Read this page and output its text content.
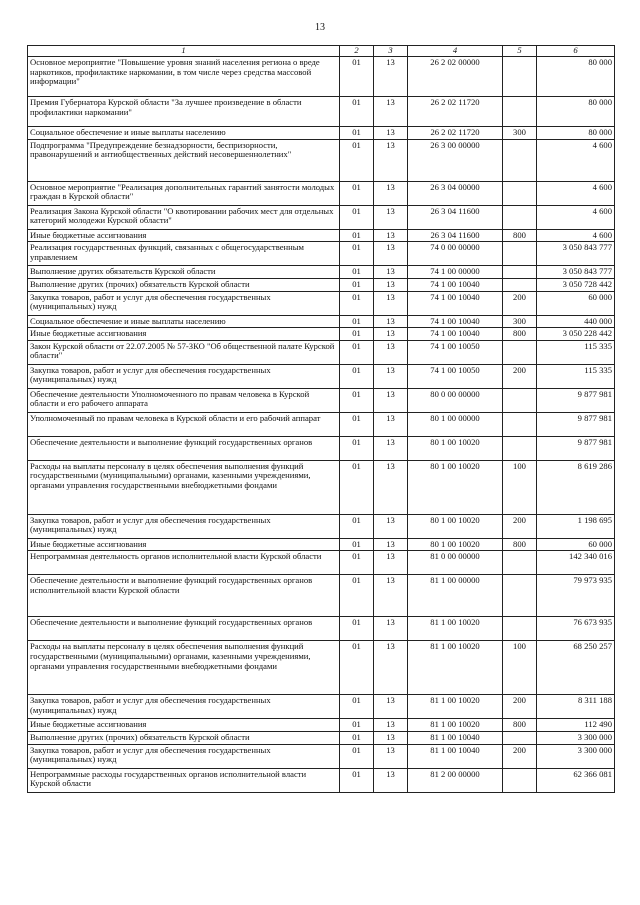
13
1	2	3	4	5	6
Основное мероприятие "Повышение уровня знаний населения региона о вреде наркотиков, профилактике наркомании, в том числе через средства массовой информации"	01	13	26 2 02 00000		80 000
Премия Губернатора Курской области "За лучшее произведение в области профилактики наркомании"	01	13	26 2 02 11720		80 000
Социальное обеспечение и иные выплаты населению	01	13	26 2 02 11720	300	80 000
Подпрограмма "Предупреждение безнадзорности, беспризорности, правонарушений и антиобщественных действий несовершеннолетних"	01	13	26 3 00 00000		4 600
Основное мероприятие "Реализация дополнительных гарантий занятости молодых граждан в Курской области"	01	13	26 3 04 00000		4 600
Реализация Закона Курской области "О квотировании рабочих мест для отдельных категорий молодежи Курской области"	01	13	26 3 04 11600		4 600
Иные бюджетные ассигнования	01	13	26 3 04 11600	800	4 600
Реализация государственных функций, связанных с общегосударственным управлением	01	13	74 0 00 00000		3 050 843 777
Выполнение других обязательств Курской области	01	13	74 1 00 00000		3 050 843 777
Выполнение других (прочих) обязательств Курской области	01	13	74 1 00 10040		3 050 728 442
Закупка товаров, работ и услуг для обеспечения государственных (муниципальных) нужд	01	13	74 1 00 10040	200	60 000
Социальное обеспечение и иные выплаты населению	01	13	74 1 00 10040	300	440 000
Иные бюджетные ассигнования	01	13	74 1 00 10040	800	3 050 228 442
Закон Курской области от 22.07.2005 № 57-ЗКО "Об общественной палате Курской области"	01	13	74 1 00 10050		115 335
Закупка товаров, работ и услуг для обеспечения государственных (муниципальных) нужд	01	13	74 1 00 10050	200	115 335
Обеспечение деятельности Уполномоченного по правам человека в Курской области и его рабочего аппарата	01	13	80 0 00 00000		9 877 981
Уполномоченный по правам человека в Курской области и его рабочий аппарат	01	13	80 1 00 00000		9 877 981
Обеспечение деятельности и выполнение функций государственных органов	01	13	80 1 00 10020		9 877 981
Расходы на выплаты персоналу в целях обеспечения выполнения функций государственными (муниципальными) органами, казенными учреждениями, органами управления государственными внебюджетными фондами	01	13	80 1 00 10020	100	8 619 286
Закупка товаров, работ и услуг для обеспечения государственных (муниципальных) нужд	01	13	80 1 00 10020	200	1 198 695
Иные бюджетные ассигнования	01	13	80 1 00 10020	800	60 000
Непрограммная деятельность органов исполнительной власти Курской области	01	13	81 0 00 00000		142 340 016
Обеспечение деятельности и выполнение функций государственных органов исполнительной власти Курской области	01	13	81 1 00 00000		79 973 935
Обеспечение деятельности и выполнение функций государственных органов	01	13	81 1 00 10020		76 673 935
Расходы на выплаты персоналу в целях обеспечения выполнения функций государственными (муниципальными) органами, казенными учреждениями, органами управления государственными внебюджетными фондами	01	13	81 1 00 10020	100	68 250 257
Закупка товаров, работ и услуг для обеспечения государственных (муниципальных) нужд	01	13	81 1 00 10020	200	8 311 188
Иные бюджетные ассигнования	01	13	81 1 00 10020	800	112 490
Выполнение других (прочих) обязательств Курской области	01	13	81 1 00 10040		3 300 000
Закупка товаров, работ и услуг для обеспечения государственных (муниципальных) нужд	01	13	81 1 00 10040	200	3 300 000
Непрограммные расходы государственных органов исполнительной власти Курской области	01	13	81 2 00 00000		62 366 081
